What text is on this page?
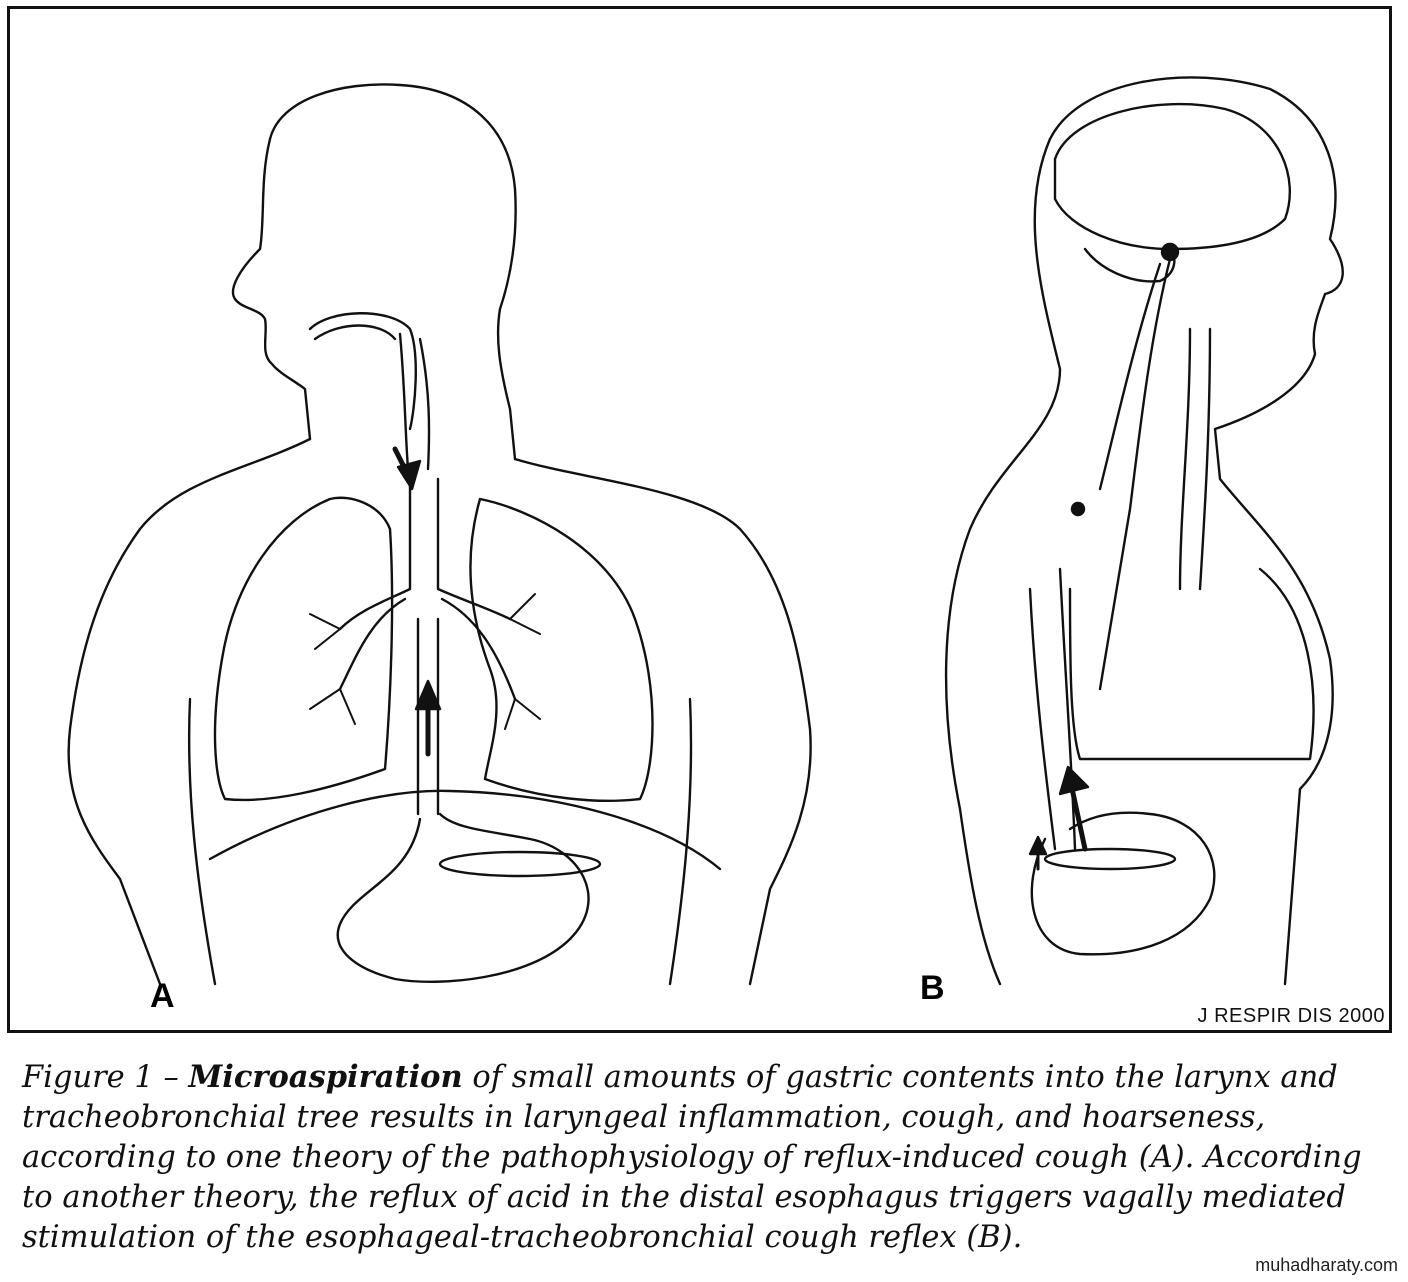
A	B
J RESPIR DIS 2000

Figure 1 – Microaspiration of small amounts of gastric contents into the larynx and tracheobronchial tree results in laryngeal inflammation, cough, and hoarseness, according to one theory of the pathophysiology of reflux-induced cough (A). According to another theory, the reflux of acid in the distal esophagus triggers vagally mediated stimulation of the esophageal-tracheobronchial cough reflex (B).

muhadharaty.com
